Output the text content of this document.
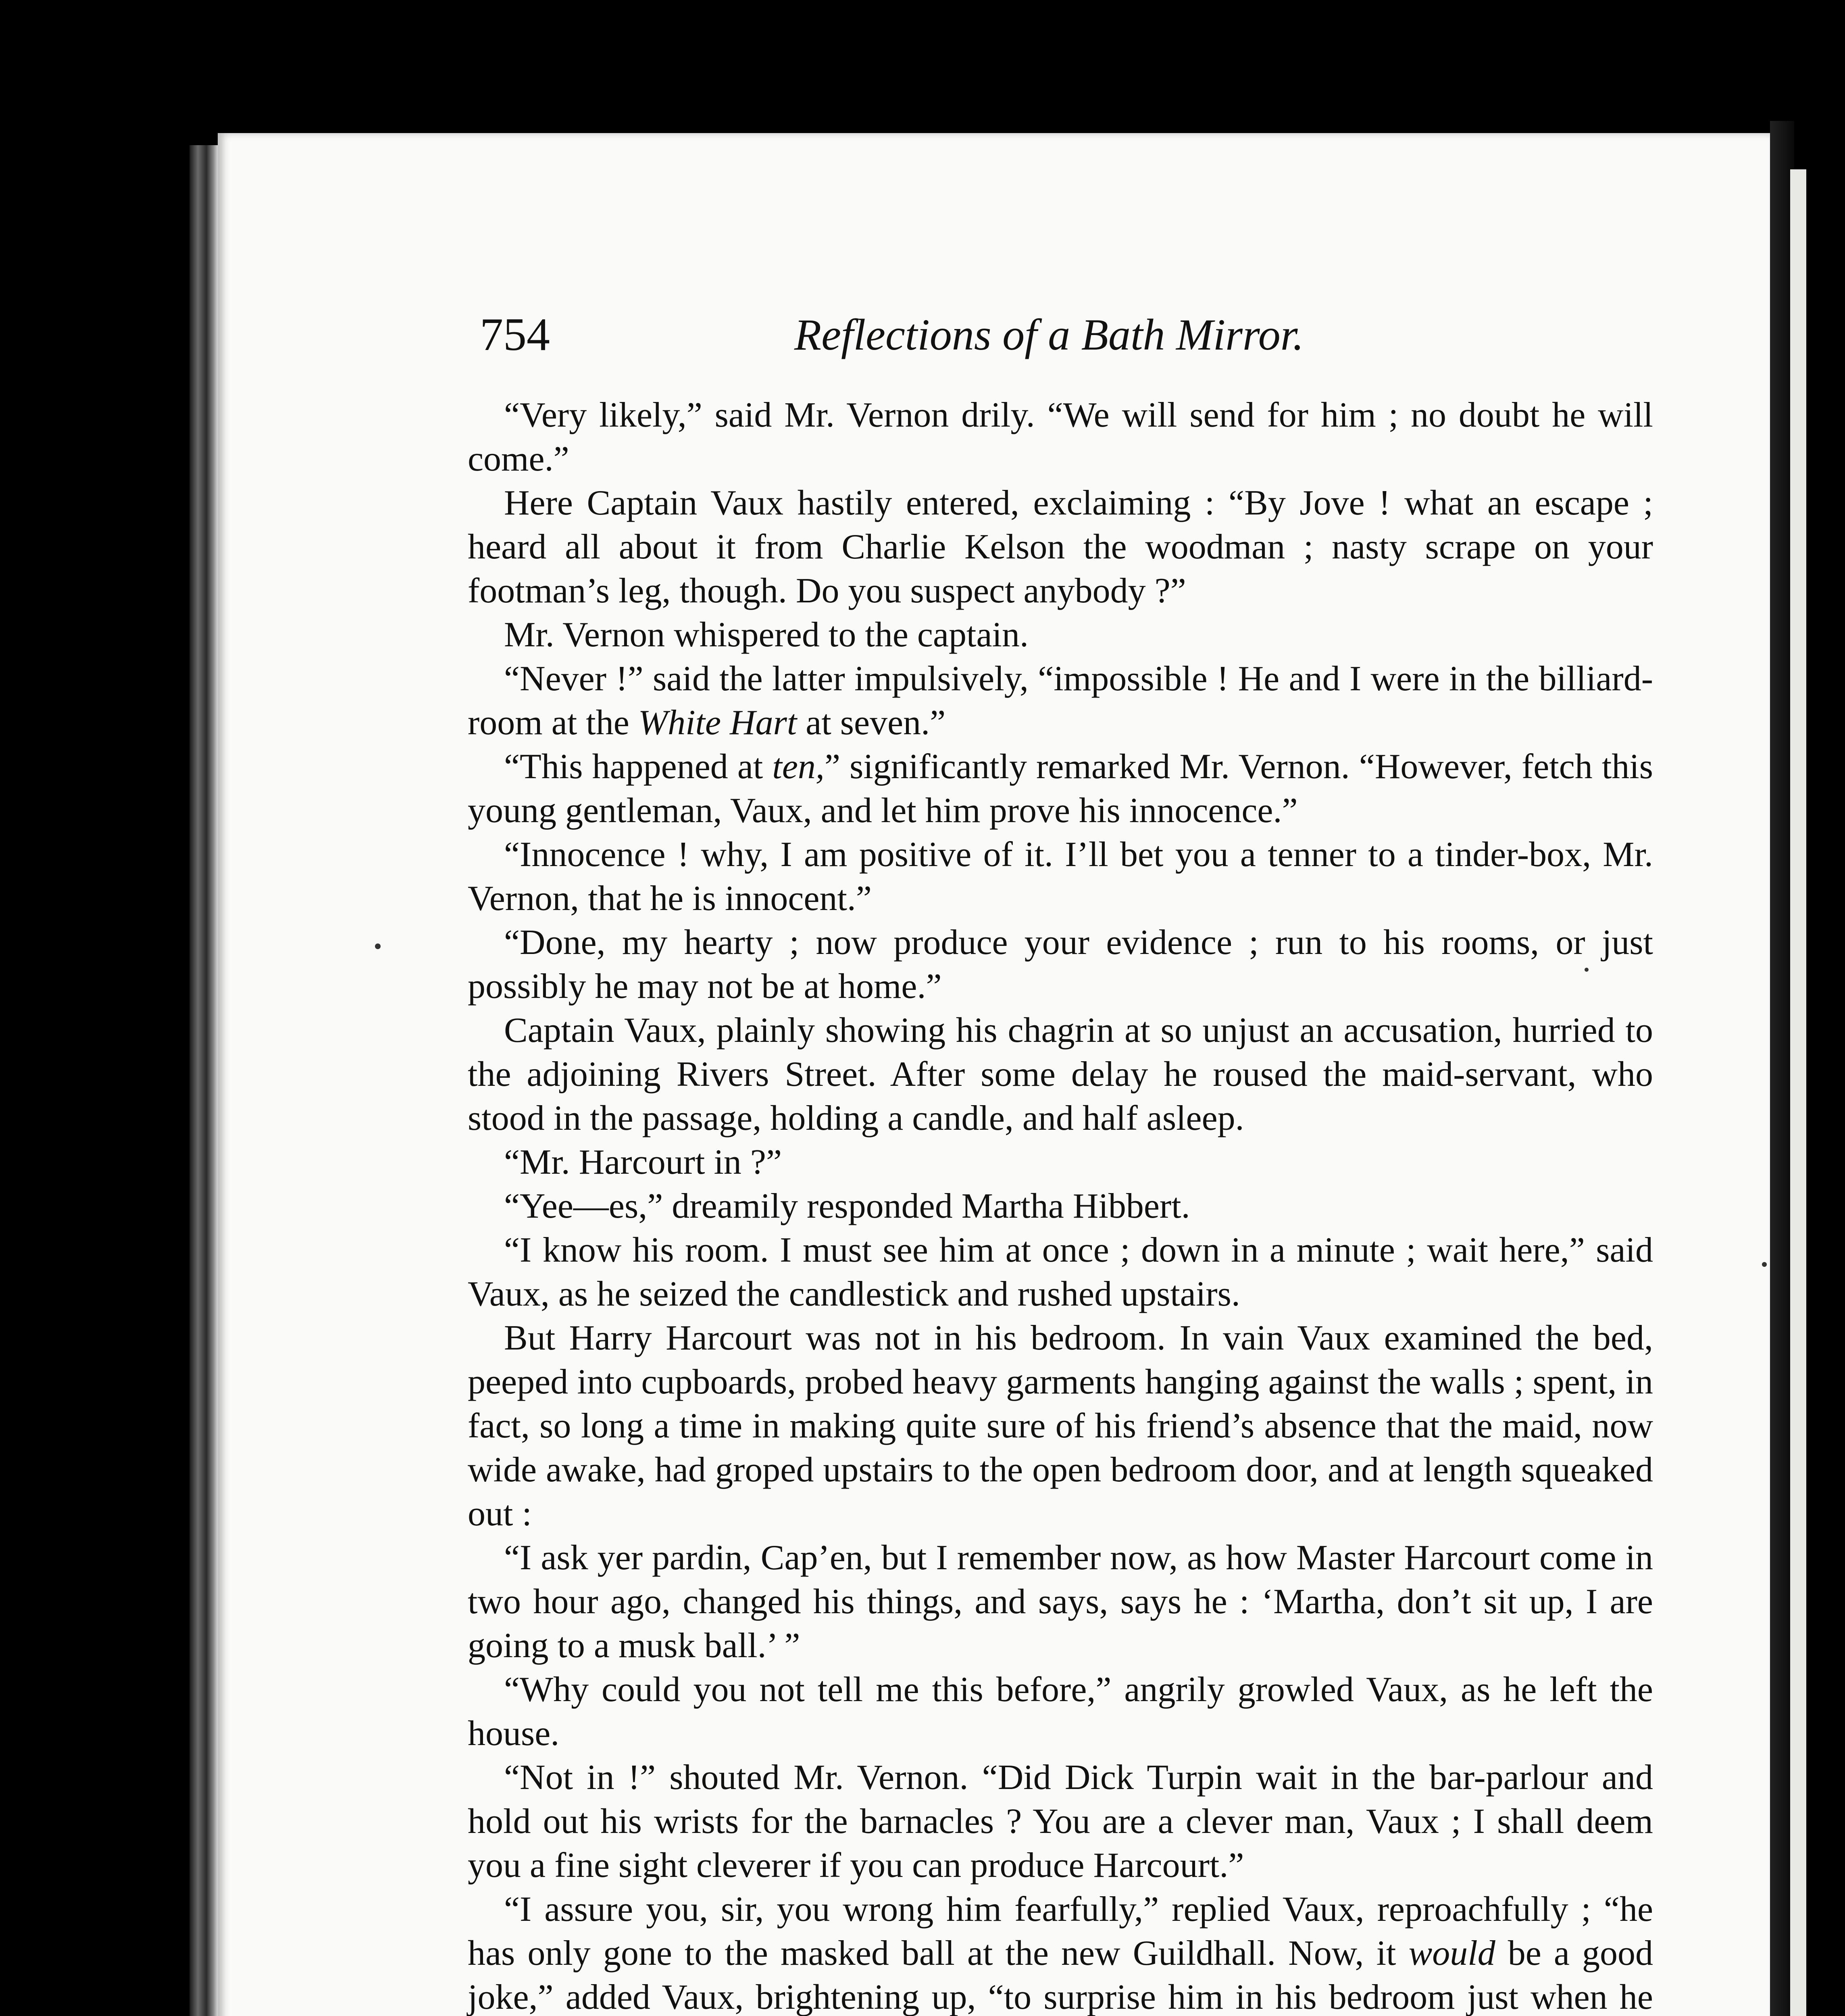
754	Reflections of a Bath Mirror.

“Very likely,” said Mr. Vernon drily. “We will send for him ; no doubt he will come.”

Here Captain Vaux hastily entered, exclaiming : “By Jove ! what an escape ; heard all about it from Charlie Kelson the woodman ; nasty scrape on your footman’s leg, though. Do you suspect anybody ?”

Mr. Vernon whispered to the captain.

“Never !” said the latter impulsively, “impossible ! He and I were in the billiard-room at the White Hart at seven.”

“This happened at ten,” significantly remarked Mr. Vernon. “However, fetch this young gentleman, Vaux, and let him prove his innocence.”

“Innocence ! why, I am positive of it. I’ll bet you a tenner to a tinder-box, Mr. Vernon, that he is innocent.”

“Done, my hearty ; now produce your evidence ; run to his rooms, or just possibly he may not be at home.”

Captain Vaux, plainly showing his chagrin at so unjust an accusation, hurried to the adjoining Rivers Street. After some delay he roused the maid-servant, who stood in the passage, holding a candle, and half asleep.

“Mr. Harcourt in ?”

“Yee—es,” dreamily responded Martha Hibbert.

“I know his room. I must see him at once ; down in a minute ; wait here,” said Vaux, as he seized the candlestick and rushed upstairs.

But Harry Harcourt was not in his bedroom. In vain Vaux examined the bed, peeped into cupboards, probed heavy garments hanging against the walls ; spent, in fact, so long a time in making quite sure of his friend’s absence that the maid, now wide awake, had groped upstairs to the open bedroom door, and at length squeaked out :

“I ask yer pardin, Cap’en, but I remember now, as how Master Harcourt come in two hour ago, changed his things, and says, says he : ‘Martha, don’t sit up, I are going to a musk ball.’ ”

“Why could you not tell me this before,” angrily growled Vaux, as he left the house.

“Not in !” shouted Mr. Vernon. “Did Dick Turpin wait in the bar-parlour and hold out his wrists for the barnacles ? You are a clever man, Vaux ; I shall deem you a fine sight cleverer if you can produce Harcourt.”

“I assure you, sir, you wrong him fearfully,” replied Vaux, reproachfully ; “he has only gone to the masked ball at the new Guildhall. Now, it would be a good joke,” added Vaux, brightening up, “to surprise him in his bedroom just when he
